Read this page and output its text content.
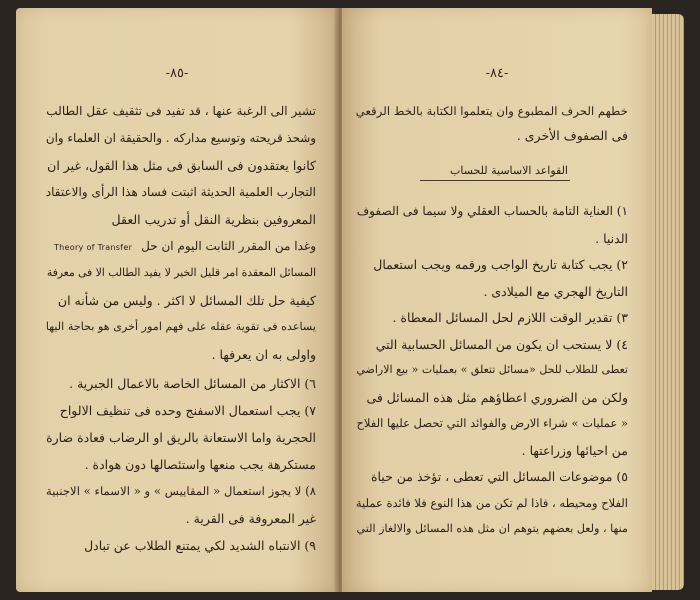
-٨٥-
تشير الى الرغبة عنها ، قد تفيد فى تثقيف عقل الطالب
وشحذ قريحته وتوسيع مداركه . والحقيقة ان العلماء وان
كانوا يعتقدون فى السابق فى مثل هذا القول، غير ان
التجارب العلمية الحديثة اثبتت فساد هذا الرأى والاعتقاد
المعروفين بنظرية النقل أو تدريب العقل
وغدا من المقرر الثابت اليوم ان حل
المسائل المعقدة امر قليل الخير لا يفيد الطالب الا فى معرفة
كيفية حل تلك المسائل لا اكثر . وليس من شأنه ان
يساعده فى تقوية عقله على فهم امور أخرى هو بحاجة اليها
واولى به ان يعرفها .
٦) الاكثار من المسائل الخاصة بالاعمال الجبرية .
٧) يجب استعمال الاسفنج وحده فى تنظيف الالواح
الحجرية واما الاستعانة بالريق او الرضاب فعادة ضارة
مستكرهة يجب منعها واستئصالها دون هوادة .
٨) لا يجوز استعمال « المقاييس » و « الاسماء » الاجنبية
غير المعروفة فى القرية .
٩) الانتباه الشديد لكي يمتنع الطلاب عن تبادل
Theory of Transfer
-٨٤-
خطهم الحرف المطبوع وان يتعلموا الكتابة بالخط الرقعي
فى الصفوف الأخرى .
القواعد الاساسية للحساب
١) العناية التامة بالحساب العقلي ولا سيما فى الصفوف
الدنيا .
٢) يجب كتابة تاريخ الواجب ورقمه ويجب استعمال
التاريخ الهجري مع الميلادى .
٣) تقدير الوقت اللازم لحل المسائل المعطاة .
٤) لا يستحب ان يكون من المسائل الحسابية التي
تعطى للطلاب للحل «مسائل تتعلق » بعمليات « بيع الاراضي
ولكن من الضروري اعطاؤهم مثل هذه المسائل فى
« عمليات » شراء الارض والفوائد التي تحصل عليها الفلاح
من احيائها وزراعتها .
٥) موضوعات المسائل التي تعطى ، تؤخذ من حياة
الفلاح ومحيطه ، فاذا لم تكن من هذا النوع فلا فائدة عملية
منها ، ولعل بعضهم يتوهم ان مثل هذه المسائل والالغاز التي
